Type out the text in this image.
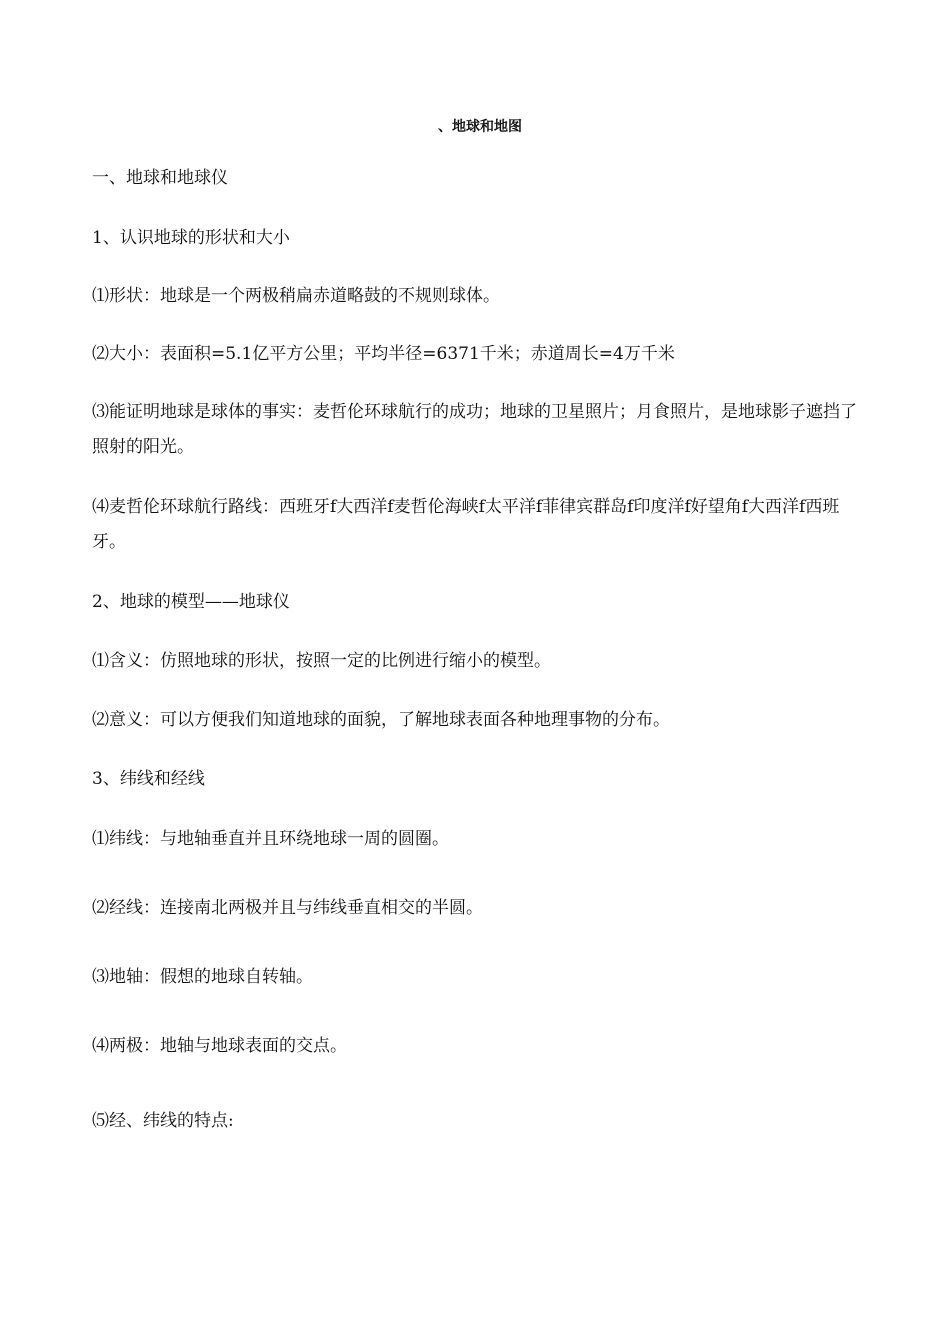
、地球和地图
一、地球和地球仪
1、认识地球的形状和大小
⑴形状：地球是一个两极稍扁赤道略鼓的不规则球体。
⑵大小：表面积=5.1亿平方公里；平均半径=6371千米；赤道周长=4万千米
⑶能证明地球是球体的事实：麦哲伦环球航行的成功；地球的卫星照片；月食照片，是地球影子遮挡了照射的阳光。
⑷麦哲伦环球航行路线：西班牙f大西洋f麦哲伦海峡f太平洋f菲律宾群岛f印度洋f好望角f大西洋f西班牙。
2、地球的模型——地球仪
⑴含义：仿照地球的形状，按照一定的比例进行缩小的模型。
⑵意义：可以方便我们知道地球的面貌，了解地球表面各种地理事物的分布。
3、纬线和经线
⑴纬线：与地轴垂直并且环绕地球一周的圆圈。
⑵经线：连接南北两极并且与纬线垂直相交的半圆。
⑶地轴：假想的地球自转轴。
⑷两极：地轴与地球表面的交点。
⑸经、纬线的特点:
